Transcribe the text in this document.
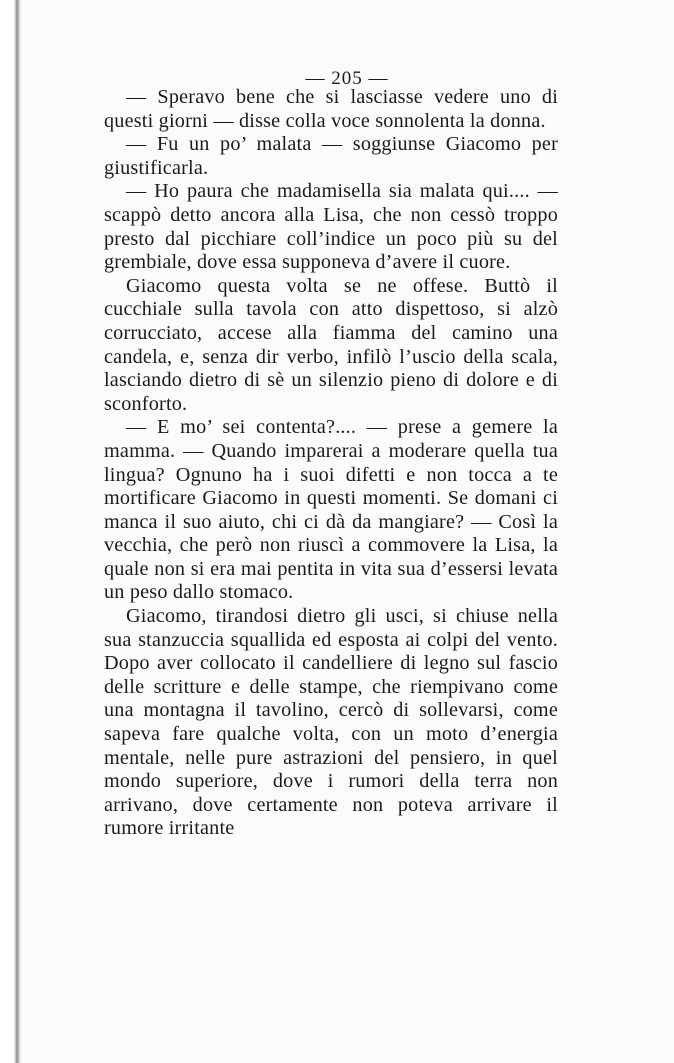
— 205 —

— Speravo bene che si lasciasse vedere uno di questi giorni — disse colla voce sonnolenta la donna.

— Fu un po’ malata — soggiunse Giacomo per giustificarla.

— Ho paura che madamisella sia malata qui.... — scappò detto ancora alla Lisa, che non cessò troppo presto dal picchiare coll’indice un poco più su del grembiale, dove essa supponeva d’avere il cuore.

Giacomo questa volta se ne offese. Buttò il cucchiale sulla tavola con atto dispettoso, si alzò corrucciato, accese alla fiamma del camino una candela, e, senza dir verbo, infilò l’uscio della scala, lasciando dietro di sè un silenzio pieno di dolore e di sconforto.

— E mo’ sei contenta?.... — prese a gemere la mamma. — Quando imparerai a moderare quella tua lingua? Ognuno ha i suoi difetti e non tocca a te mortificare Giacomo in questi momenti. Se domani ci manca il suo aiuto, chi ci dà da mangiare? — Così la vecchia, che però non riuscì a commovere la Lisa, la quale non si era mai pentita in vita sua d’essersi levata un peso dallo stomaco.

Giacomo, tirandosi dietro gli usci, si chiuse nella sua stanzuccia squallida ed esposta ai colpi del vento. Dopo aver collocato il candelliere di legno sul fascio delle scritture e delle stampe, che riempivano come una montagna il tavolino, cercò di sollevarsi, come sapeva fare qualche volta, con un moto d’energia mentale, nelle pure astrazioni del pensiero, in quel mondo superiore, dove i rumori della terra non arrivano, dove certamente non poteva arrivare il rumore irritante
